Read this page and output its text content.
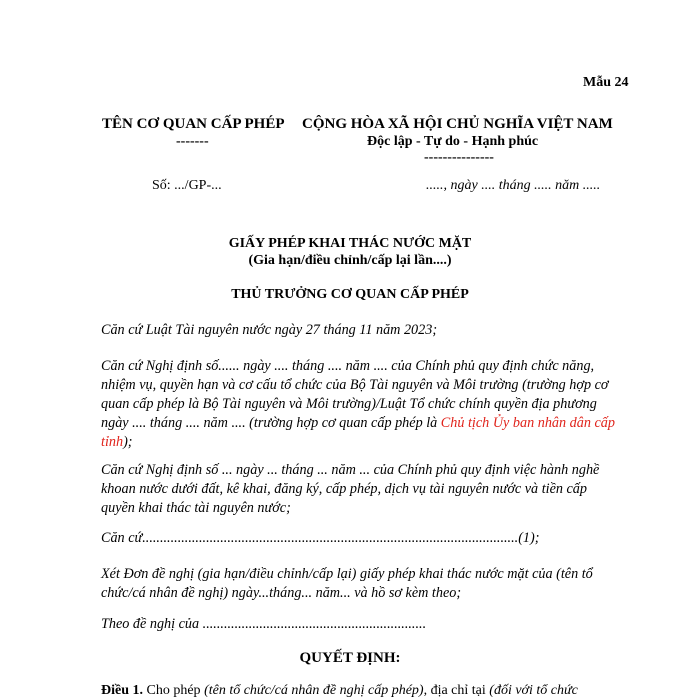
Mẫu 24
TÊN CƠ QUAN CẤP PHÉP
-------
CỘNG HÒA XÃ HỘI CHỦ NGHĨA VIỆT NAM
Độc lập - Tự do - Hạnh phúc
---------------
Số: .../GP-...	....., ngày .... tháng ..... năm .....
GIẤY PHÉP KHAI THÁC NƯỚC MẶT
(Gia hạn/điều chỉnh/cấp lại lần....)
THỦ TRƯỞNG CƠ QUAN CẤP PHÉP
Căn cứ Luật Tài nguyên nước ngày 27 tháng 11 năm 2023;
Căn cứ Nghị định số...... ngày .... tháng .... năm .... của Chính phủ quy định chức năng, nhiệm vụ, quyền hạn và cơ cấu tổ chức của Bộ Tài nguyên và Môi trường (trường hợp cơ quan cấp phép là Bộ Tài nguyên và Môi trường)/Luật Tổ chức chính quyền địa phương ngày .... tháng .... năm .... (trường hợp cơ quan cấp phép là Chủ tịch Ủy ban nhân dân cấp tỉnh);
Căn cứ Nghị định số ... ngày ... tháng ... năm ... của Chính phủ quy định việc hành nghề khoan nước dưới đất, kê khai, đăng ký, cấp phép, dịch vụ tài nguyên nước và tiền cấp quyền khai thác tài nguyên nước;
Căn cứ..........................................................................................................(1);
Xét Đơn đề nghị (gia hạn/điều chỉnh/cấp lại) giấy phép khai thác nước mặt của (tên tổ chức/cá nhân đề nghị) ngày...tháng... năm... và hồ sơ kèm theo;
Theo đề nghị của ...............................................................
QUYẾT ĐỊNH:
Điều 1. Cho phép (tên tổ chức/cá nhân đề nghị cấp phép), địa chỉ tại (đối với tổ chức
